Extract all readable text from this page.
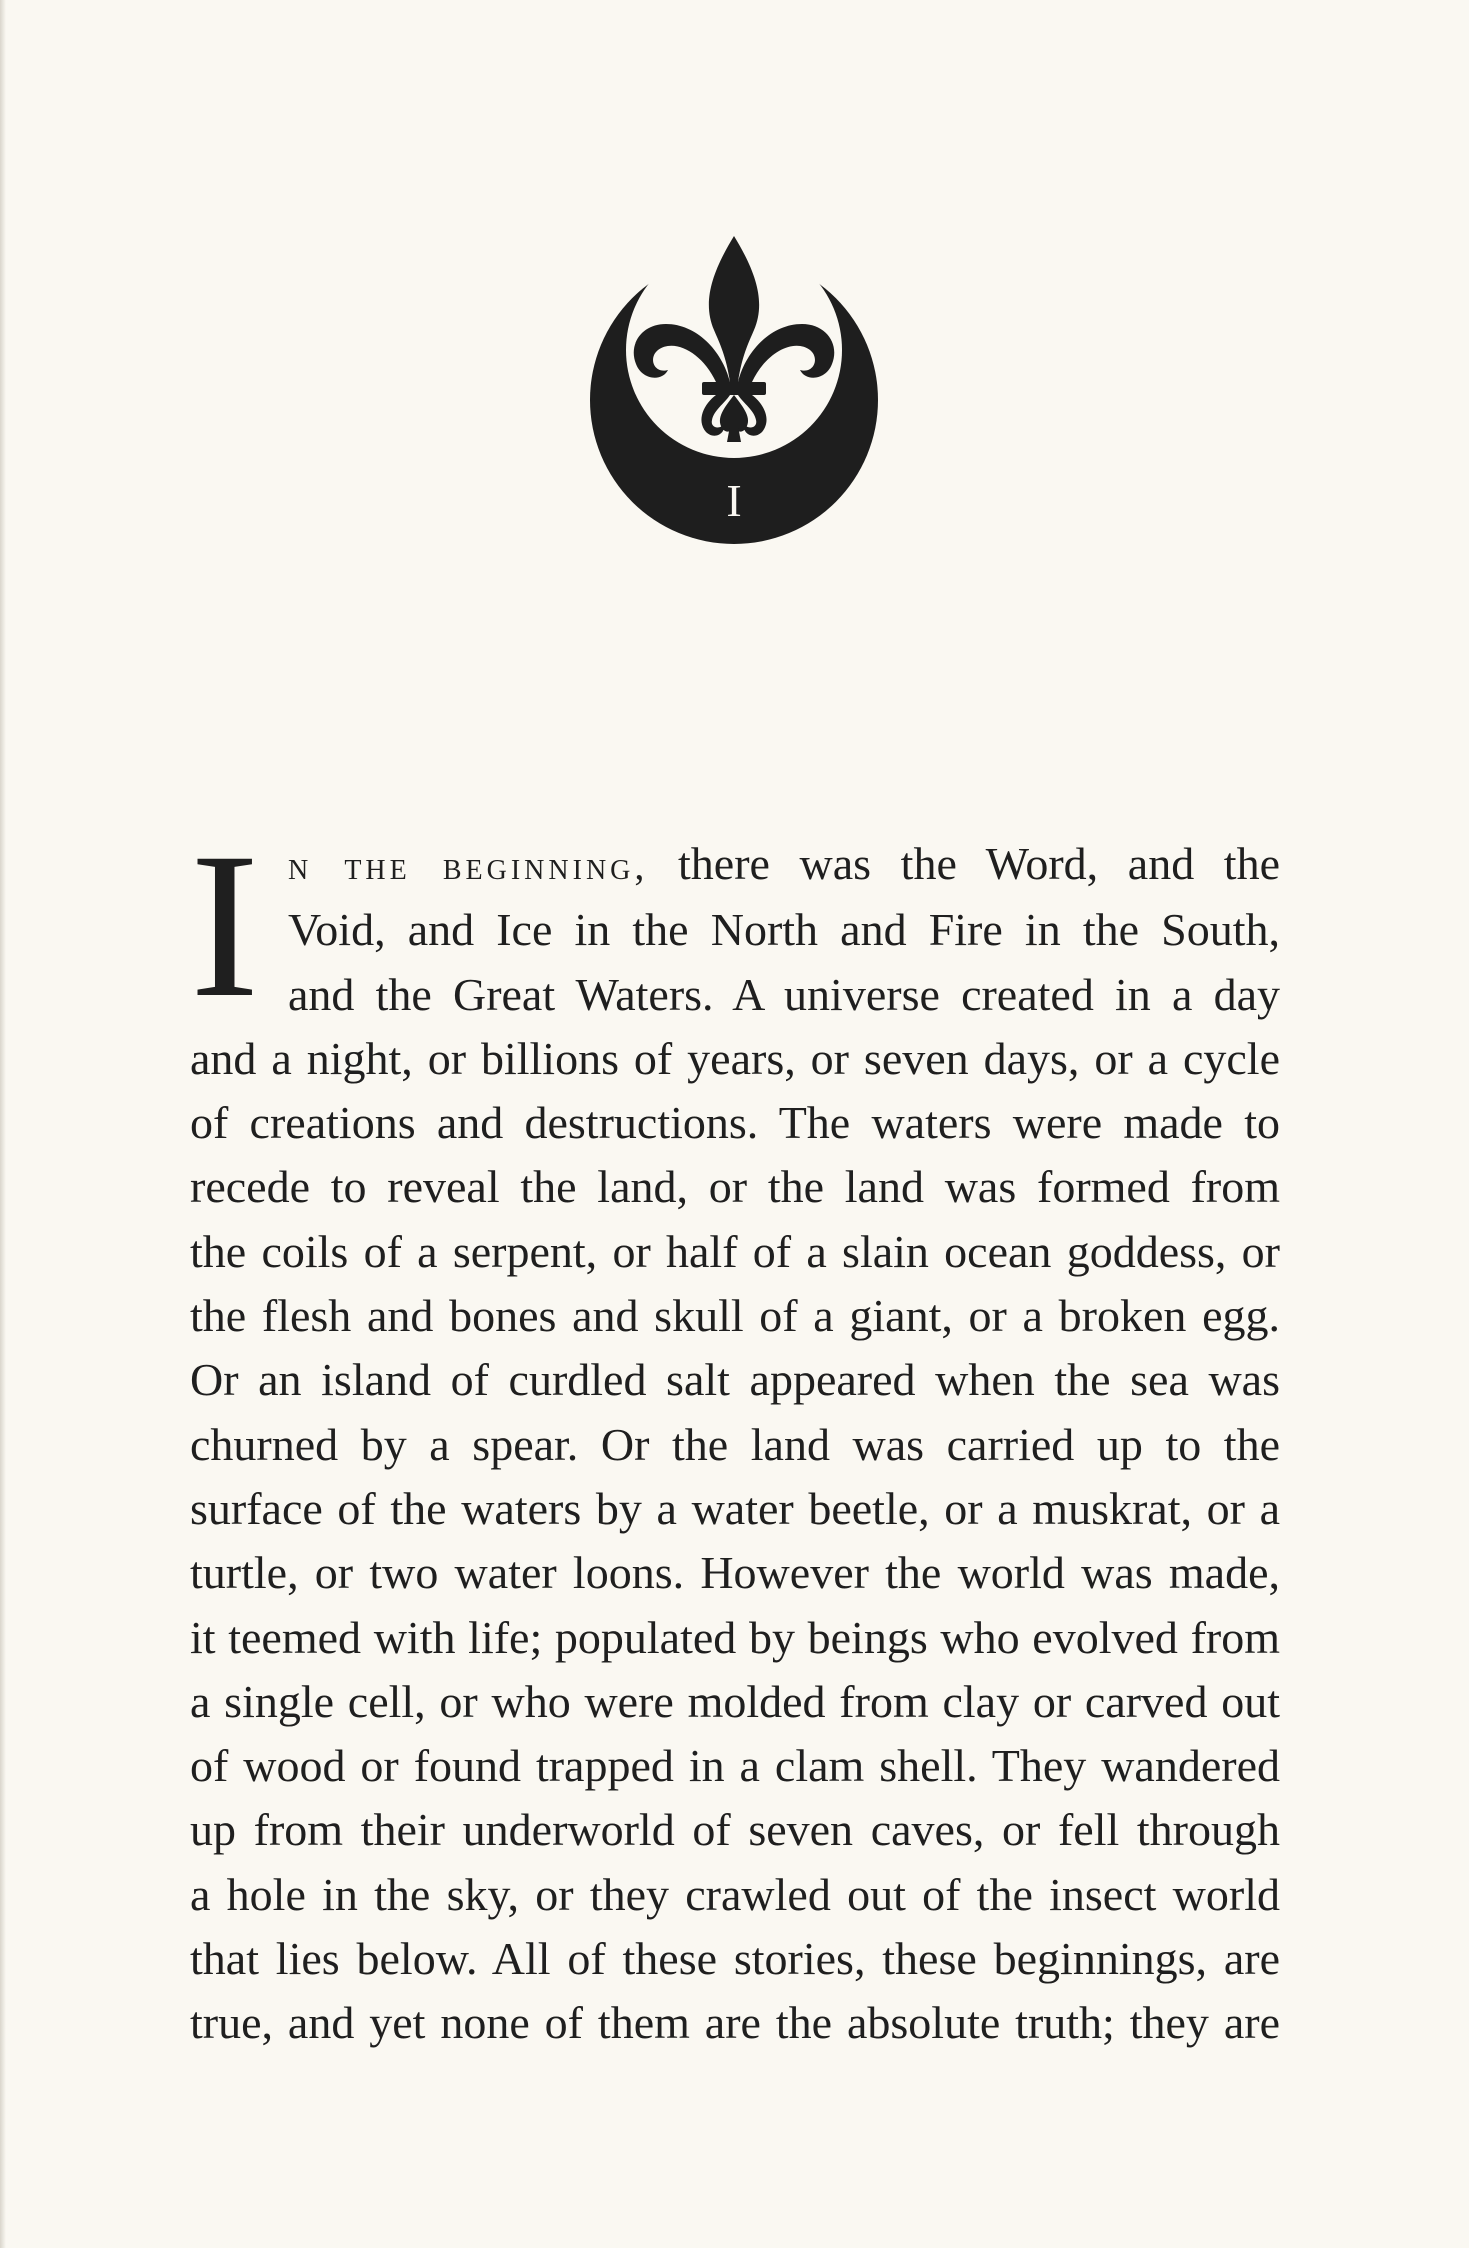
I

I n the beginning, there was the Word, and the
Void, and Ice in the North and Fire in the South,
and the Great Waters. A universe created in a day
and a night, or billions of years, or seven days, or a cycle
of creations and destructions. The waters were made to
recede to reveal the land, or the land was formed from
the coils of a serpent, or half of a slain ocean goddess, or
the flesh and bones and skull of a giant, or a broken egg.
Or an island of curdled salt appeared when the sea was
churned by a spear. Or the land was carried up to the
surface of the waters by a water beetle, or a muskrat, or a
turtle, or two water loons. However the world was made,
it teemed with life; populated by beings who evolved from
a single cell, or who were molded from clay or carved out
of wood or found trapped in a clam shell. They wandered
up from their underworld of seven caves, or fell through
a hole in the sky, or they crawled out of the insect world
that lies below. All of these stories, these beginnings, are
true, and yet none of them are the absolute truth; they are
